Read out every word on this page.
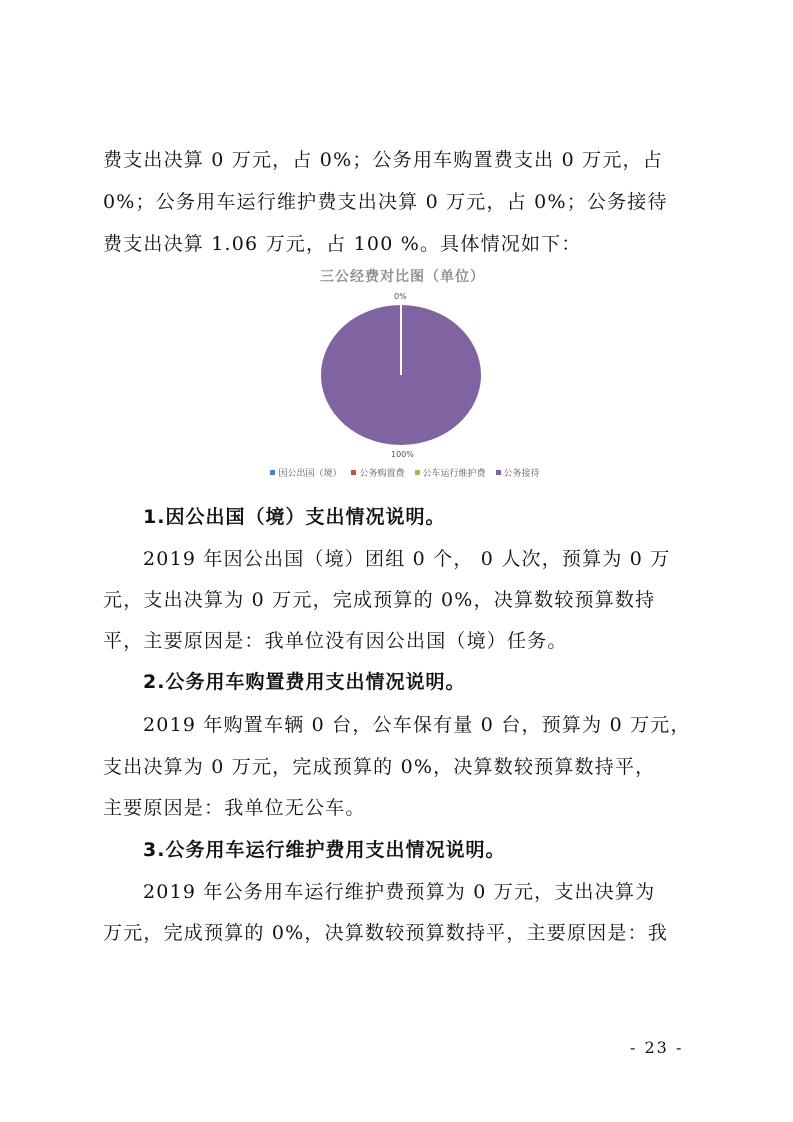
费支出决算 0 万元，占 0%；公务用车购置费支出 0 万元，占
0%；公务用车运行维护费支出决算 0 万元，占 0%；公务接待
费支出决算 1.06 万元，占 100 %。具体情况如下：
三公经费对比图（单位）
0%
100%
因公出国（境） 公务购置费 公车运行维护费 公务接待
1.因公出国（境）支出情况说明。
2019 年因公出国（境）团组 0 个， 0 人次，预算为 0 万
元，支出决算为 0 万元，完成预算的 0%，决算数较预算数持
平，主要原因是：我单位没有因公出国（境）任务。
2.公务用车购置费用支出情况说明。
2019 年购置车辆 0 台，公车保有量 0 台，预算为 0 万元，
支出决算为 0 万元，完成预算的 0%，决算数较预算数持平，
主要原因是：我单位无公车。
3.公务用车运行维护费用支出情况说明。
2019 年公务用车运行维护费预算为 0 万元，支出决算为
万元，完成预算的 0%，决算数较预算数持平，主要原因是：我
- 23 -
